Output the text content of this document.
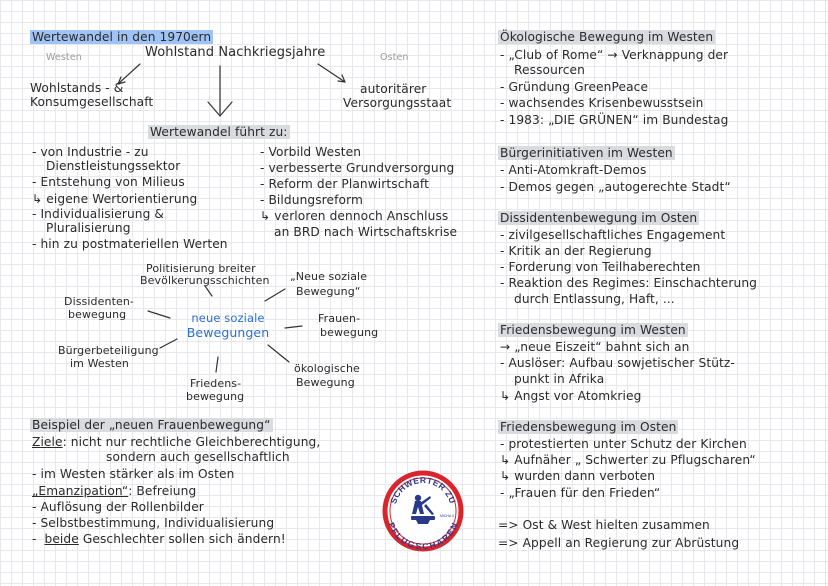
Wertewandel in den 1970ern
Westen	Wohlstand Nachkriegsjahre	Osten
Wohlstands - &
Konsumgesellschaft
autoritärer
Versorgungsstaat
Wertewandel führt zu:
- von Industrie - zu
Dienstleistungssektor
- Entstehung von Milieus
↳ eigene Wertorientierung
- Individualisierung &
Pluralisierung
- hin zu postmateriellen Werten
- Vorbild Westen
- verbesserte Grundversorgung
- Reform der Planwirtschaft
- Bildungsreform
↳ verloren dennoch Anschluss
an BRD nach Wirtschaftskrise
neue soziale
Bewegungen
Politisierung breiter
Bevölkerungsschichten „Neue soziale
Bewegung“
Dissidenten-
bewegung	Frauen-
bewegung
Bürgerbeteiligung
im Westen	ökologische
Bewegung
Friedens-
bewegung
Beispiel der „neuen Frauenbewegung“
Ziele: nicht nur rechtliche Gleichberechtigung,
sondern auch gesellschaftlich
- im Westen stärker als im Osten
„Emanzipation“: Befreiung
- Auflösung der Rollenbilder
- Selbstbestimmung, Individualisierung
- beide Geschlechter sollen sich ändern!
SCHWERTER ZU
PFLUGSCHAREN
MICHA 4
Ökologische Bewegung im Westen
- „Club of Rome“ → Verknappung der
Ressourcen
- Gründung GreenPeace
- wachsendes Krisenbewusstsein
- 1983: „DIE GRÜNEN“ im Bundestag
Bürgerinitiativen im Westen
- Anti-Atomkraft-Demos
- Demos gegen „autogerechte Stadt“
Dissidentenbewegung im Osten
- zivilgesellschaftliches Engagement
- Kritik an der Regierung
- Forderung von Teilhaberechten
- Reaktion des Regimes: Einschachterung
durch Entlassung, Haft, ...
Friedensbewegung im Westen
→ „neue Eiszeit“ bahnt sich an
- Auslöser: Aufbau sowjetischer Stütz-
punkt in Afrika
↳ Angst vor Atomkrieg
Friedensbewegung im Osten
- protestierten unter Schutz der Kirchen
↳ Aufnäher „ Schwerter zu Pflugscharen“
↳ wurden dann verboten
- „Frauen für den Frieden“
=> Ost & West hielten zusammen
=> Appell an Regierung zur Abrüstung
